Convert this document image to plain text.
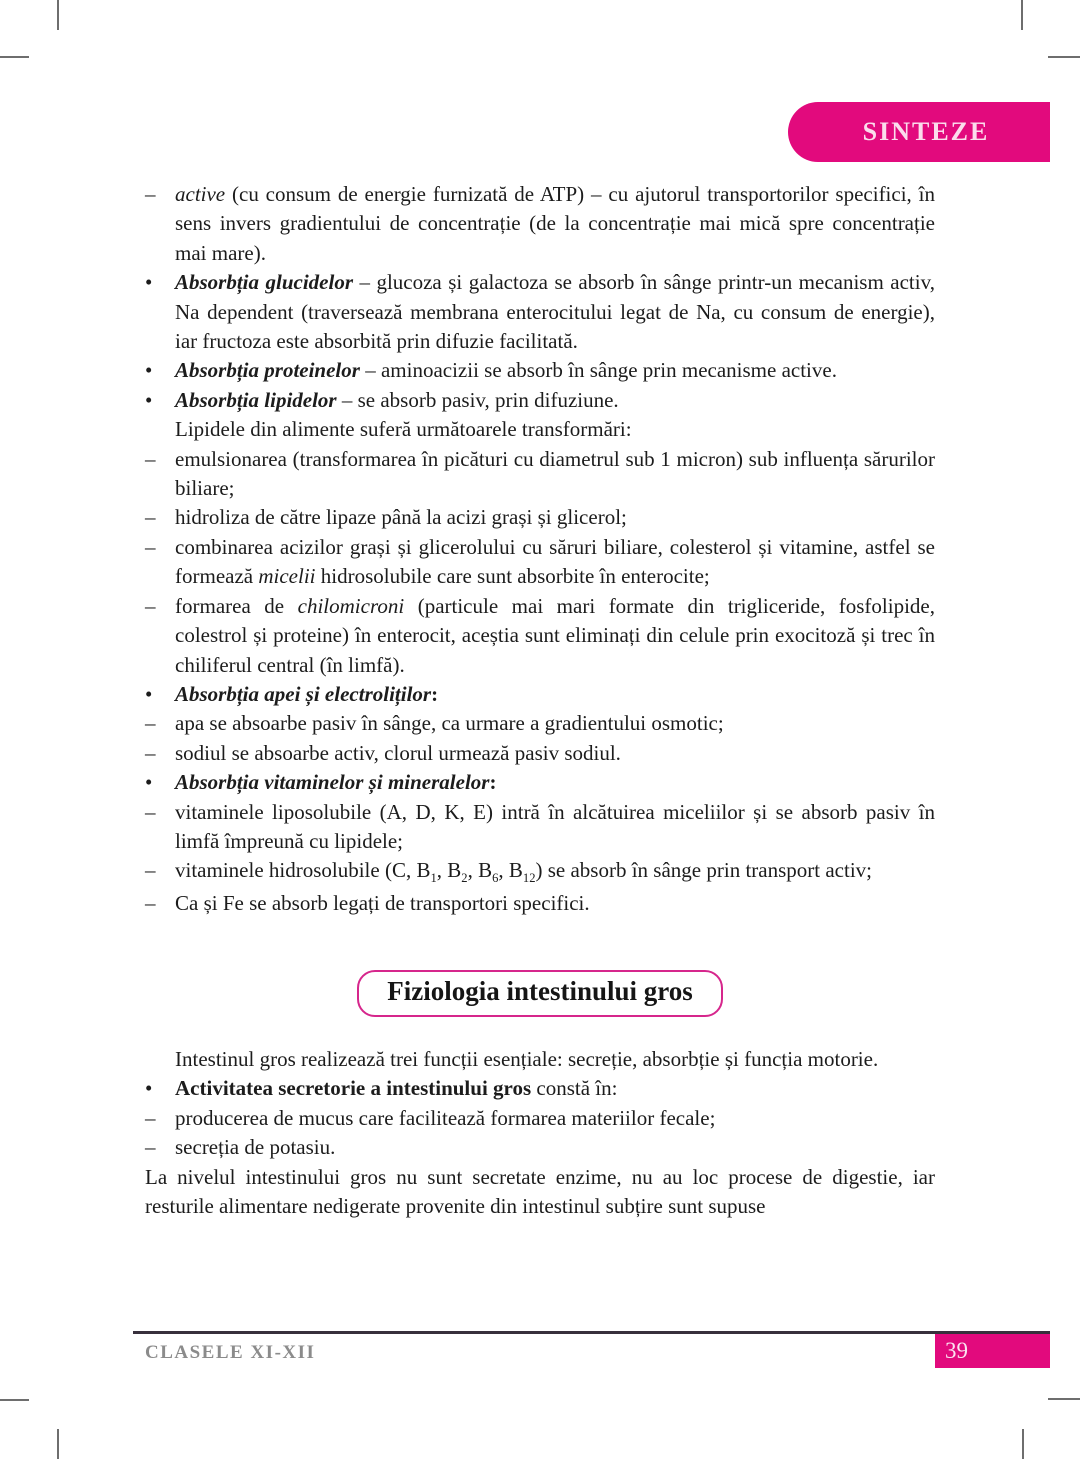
SINTEZE
– active (cu consum de energie furnizată de ATP) – cu ajutorul transportorilor specifici, în sens invers gradientului de concentrație (de la concentrație mai mică spre concentrație mai mare).
•	Absorbția glucidelor – glucoza și galactoza se absorb în sânge printr-un mecanism activ, Na dependent (traversează membrana enterocitului legat de Na, cu consum de energie), iar fructoza este absorbită prin difuzie facilitată.
•	Absorbția proteinelor – aminoacizii se absorb în sânge prin mecanisme active.
•	Absorbția lipidelor – se absorb pasiv, prin difuziune.
Lipidele din alimente suferă următoarele transformări:
– emulsionarea (transformarea în picături cu diametrul sub 1 micron) sub influența sărurilor biliare;
– hidroliza de către lipaze până la acizi grași și glicerol;
– combinarea acizilor grași și glicerolului cu săruri biliare, colesterol și vitamine, astfel se formează micelii hidrosolubile care sunt absorbite în enterocite;
– formarea de chilomicroni (particule mai mari formate din trigliceride, fosfolipide, colestrol și proteine) în enterocit, aceștia sunt eliminați din celule prin exocitoză și trec în chiliferul central (în limfă).
•	Absorbția apei și electroliților:
– apa se absoarbe pasiv în sânge, ca urmare a gradientului osmotic;
– sodiul se absoarbe activ, clorul urmează pasiv sodiul.
•	Absorbția vitaminelor și mineralelor:
– vitaminele liposolubile (A, D, K, E) intră în alcătuirea miceliilor și se absorb pasiv în limfă împreună cu lipidele;
– vitaminele hidrosolubile (C, $B_1$, $B_2$, $B_6$, $B_{12}$) se absorb în sânge prin transport activ;
– Ca și Fe se absorb legați de transportori specifici.
Fiziologia intestinului gros
Intestinul gros realizează trei funcții esențiale: secreție, absorbție și funcția motorie.
•	Activitatea secretorie a intestinului gros constă în:
– producerea de mucus care facilitează formarea materiilor fecale;
– secreția de potasiu.
La nivelul intestinului gros nu sunt secretate enzime, nu au loc procese de digestie, iar resturile alimentare nedigerate provenite din intestinul subțire sunt supuse
CLASELE XI-XII	39
